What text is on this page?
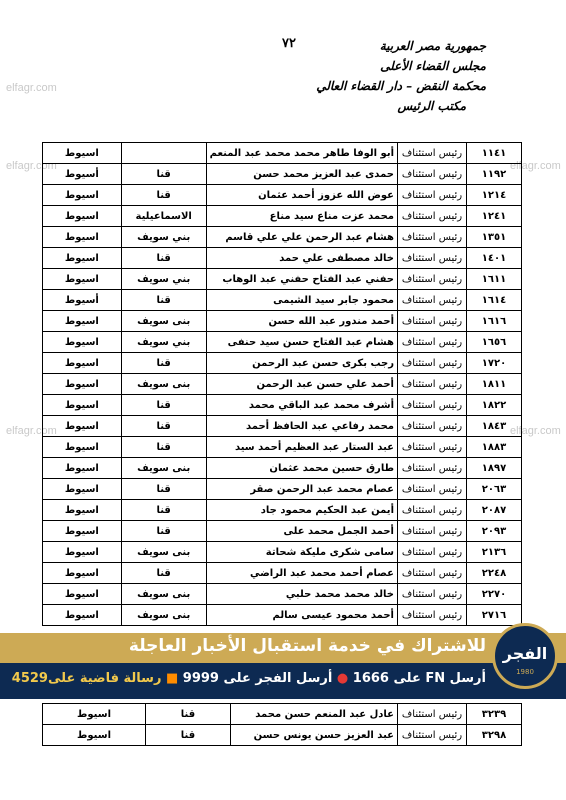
جمهورية مصر العربية
مجلس القضاء الأعلى
محكمة النقض – دار القضاء العالي
مكتب الرئيس
٧٢
elfagr.com	elfagr.com
elfagr.com	elfagr.com
elfagr.com
١١٤١	رئيس استئناف	أبو الوفا طاهر محمد محمد عبد المنعم		اسيوط
١١٩٢	رئيس استئناف	حمدى عبد العزيز محمد حسن	قنا	أسيوط
١٢١٤	رئيس استئناف	عوض الله عزوز أحمد عثمان	قنا	اسيوط
١٢٤١	رئيس استئناف	محمد عزت مناع سيد مناع	الاسماعيلية	اسيوط
١٣٥١	رئيس استئناف	هشام عبد الرحمن علي علي قاسم	بني سويف	اسيوط
١٤٠١	رئيس استئناف	خالد مصطفى علي حمد	قنا	اسيوط
١٦١١	رئيس استئناف	حفني عبد الفتاح حفني عبد الوهاب	بني سويف	اسيوط
١٦١٤	رئيس استئناف	محمود جابر سيد الشيمى	قنا	أسيوط
١٦١٦	رئيس استئناف	أحمد مندور عبد الله حسن	بنى سويف	اسيوط
١٦٥٦	رئيس استئناف	هشام عبد الفتاح حسن سيد حنفى	بني سويف	اسيوط
١٧٢٠	رئيس استئناف	رجب بكرى حسن عبد الرحمن	قنا	اسيوط
١٨١١	رئيس استئناف	أحمد علي حسن عبد الرحمن	بنى سويف	اسيوط
١٨٢٢	رئيس استئناف	أشرف محمد عبد الباقي محمد	قنا	اسيوط
١٨٤٣	رئيس استئناف	محمد رفاعي عبد الحافظ أحمد	قنا	اسيوط
١٨٨٣	رئيس استئناف	عبد الستار عبد العظيم أحمد سيد	قنا	اسيوط
١٨٩٧	رئيس استئناف	طارق حسين محمد عثمان	بنى سويف	اسيوط
٢٠٦٣	رئيس استئناف	عصام محمد عبد الرحمن صقر	قنا	اسيوط
٢٠٨٧	رئيس استئناف	أيمن عبد الحكيم محمود جاد	قنا	اسيوط
٢٠٩٣	رئيس استئناف	أحمد الجمل محمد على	قنا	اسيوط
٢١٣٦	رئيس استئناف	سامى شكرى مليكة شحاتة	بنى سويف	اسيوط
٢٢٤٨	رئيس استئناف	عصام أحمد محمد عبد الراضي	قنا	اسيوط
٢٢٧٠	رئيس استئناف	خالد محمد محمد حلبي	بنى سويف	اسيوط
٢٧١٦	رئيس استئناف	أحمد محمود عيسى سالم	بنى سويف	اسيوط
للاشتراك في خدمة استقبال الأخبار العاجلة
أرسل FN على 1666 ● أرسل الفجر على 9999 ■ رسالة فاضية على4529
الفجر
1980
٣٢٣٩	رئيس استئناف	عادل عبد المنعم حسن محمد	قنا	اسيوط
٣٢٩٨	رئيس استئناف	عبد العزيز حسن يونس حسن	قنا	اسيوط
